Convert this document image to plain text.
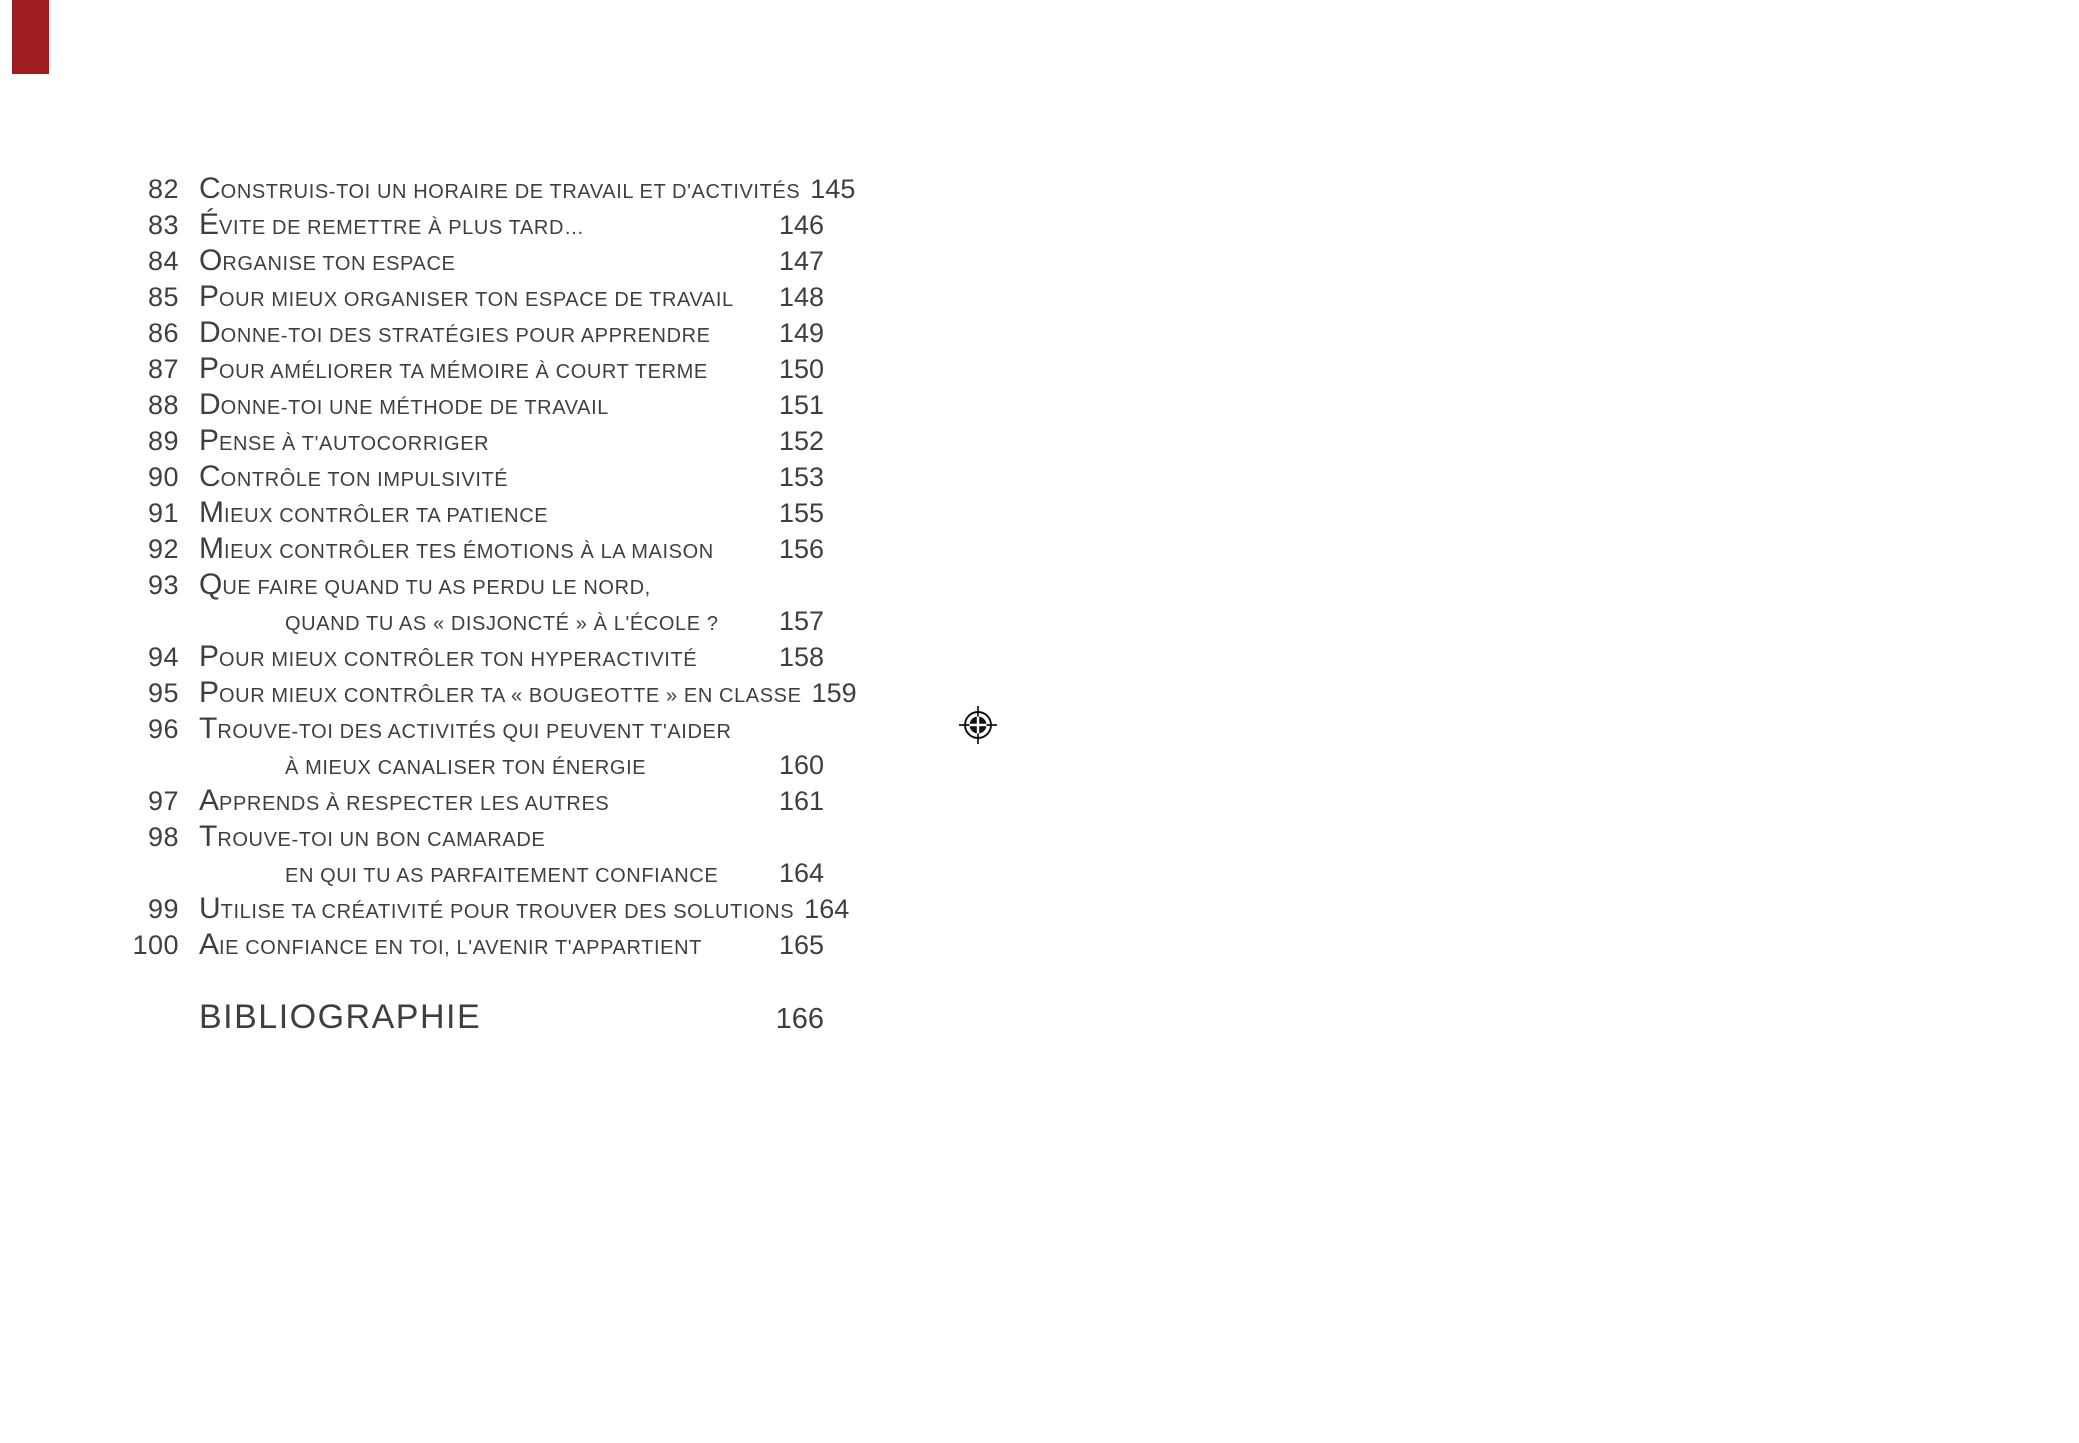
82 CONSTRUIS-TOI UN HORAIRE DE TRAVAIL ET D'ACTIVITÉS 145
83 ÉVITE DE REMETTRE À PLUS TARD…	146
84 ORGANISE TON ESPACE	147
85 POUR MIEUX ORGANISER TON ESPACE DE TRAVAIL	148
86 DONNE-TOI DES STRATÉGIES POUR APPRENDRE	149
87 POUR AMÉLIORER TA MÉMOIRE À COURT TERME	150
88 DONNE-TOI UNE MÉTHODE DE TRAVAIL	151
89 PENSE À T'AUTOCORRIGER	152
90 CONTRÔLE TON IMPULSIVITÉ	153
91 MIEUX CONTRÔLER TA PATIENCE	155
92 MIEUX CONTRÔLER TES ÉMOTIONS À LA MAISON	156
93 QUE FAIRE QUAND TU AS PERDU LE NORD,
QUAND TU AS « DISJONCTÉ » À L'ÉCOLE ?	157
94 POUR MIEUX CONTRÔLER TON HYPERACTIVITÉ	158
95 POUR MIEUX CONTRÔLER TA « BOUGEOTTE » EN CLASSE 159
96 TROUVE-TOI DES ACTIVITÉS QUI PEUVENT T'AIDER
À MIEUX CANALISER TON ÉNERGIE	160
97 APPRENDS À RESPECTER LES AUTRES	161
98 TROUVE-TOI UN BON CAMARADE
EN QUI TU AS PARFAITEMENT CONFIANCE	164
99 UTILISE TA CRÉATIVITÉ POUR TROUVER DES SOLUTIONS 164
100 AIE CONFIANCE EN TOI, L'AVENIR T'APPARTIENT	165
BIBLIOGRAPHIE	166
